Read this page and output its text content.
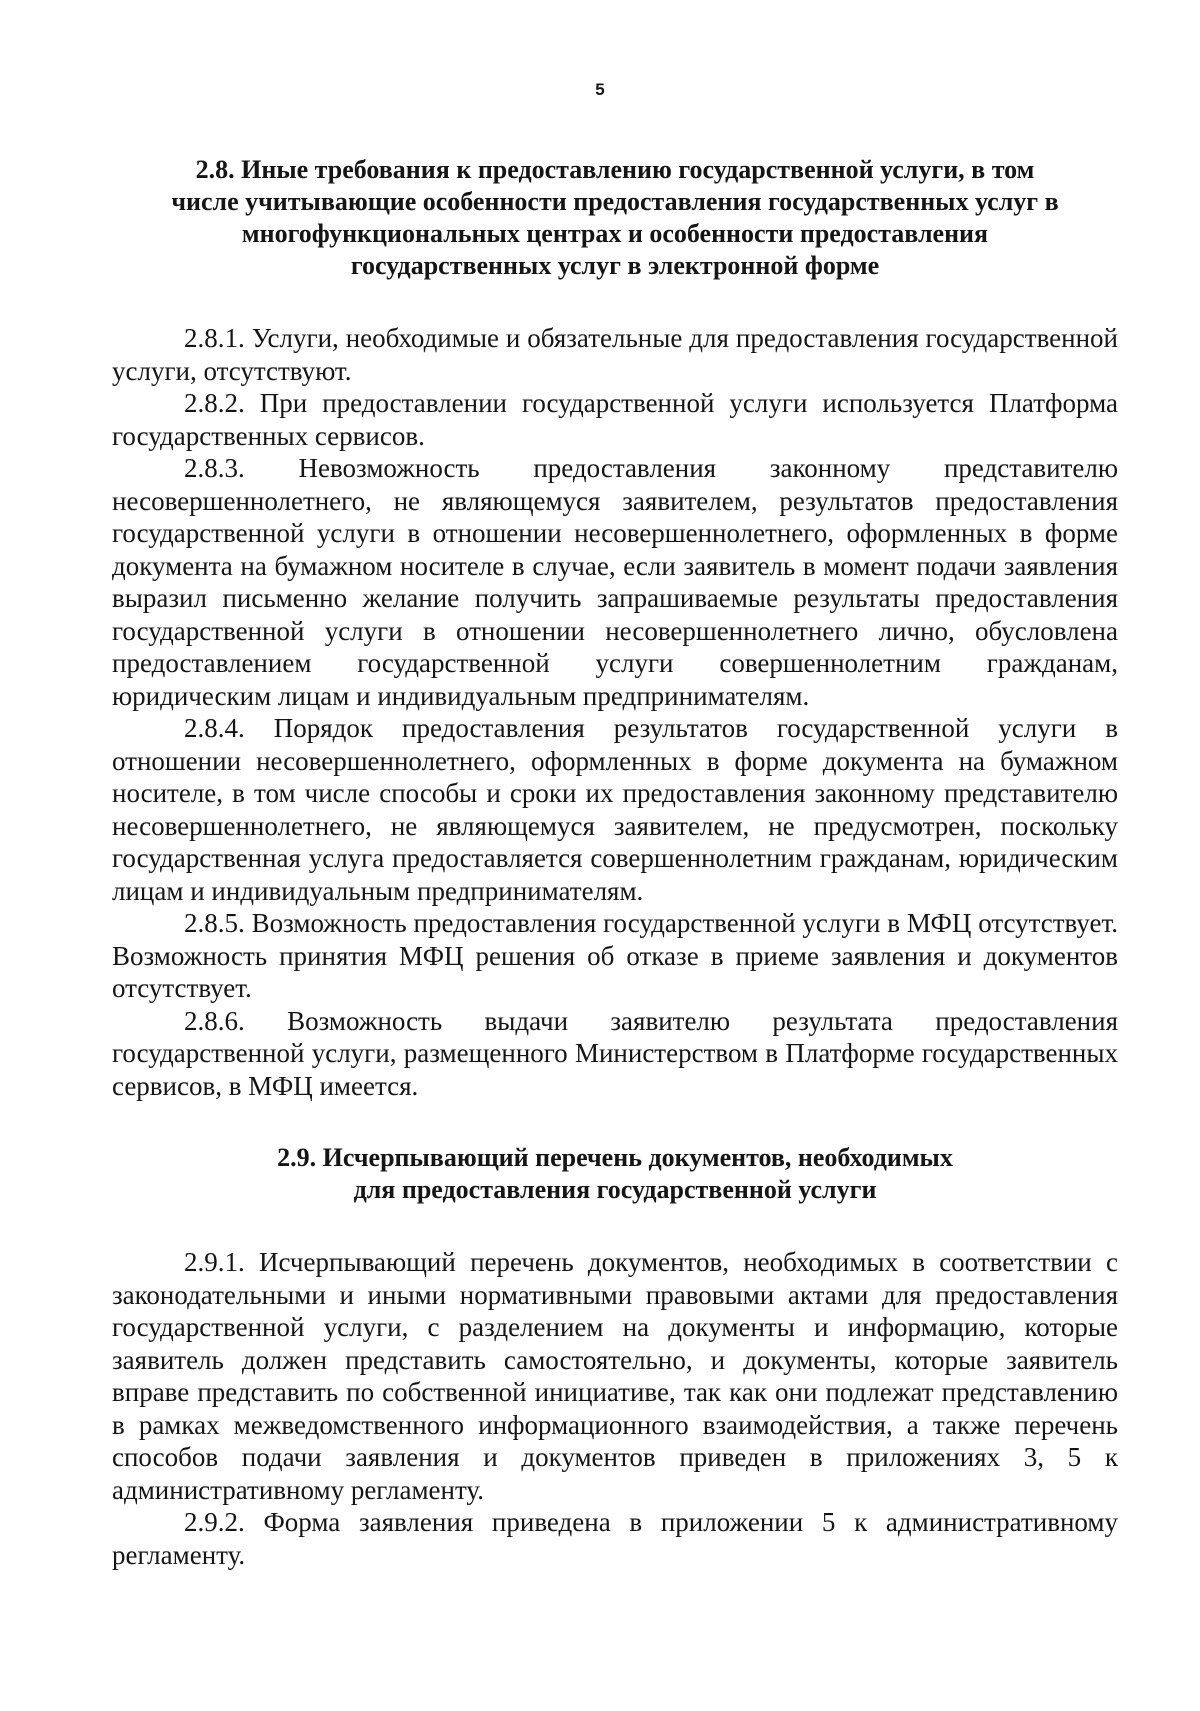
5
2.8. Иные требования к предоставлению государственной услуги, в том
числе учитывающие особенности предоставления государственных услуг в
многофункциональных центрах и особенности предоставления
государственных услуг в электронной форме

2.8.1. Услуги, необходимые и обязательные для предоставления государственной услуги, отсутствуют.

2.8.2. При предоставлении государственной услуги используется Платформа государственных сервисов.

2.8.3. Невозможность предоставления законному представителю несовершеннолетнего, не являющемуся заявителем, результатов предоставления государственной услуги в отношении несовершеннолетнего, оформленных в форме документа на бумажном носителе в случае, если заявитель в момент подачи заявления выразил письменно желание получить запрашиваемые результаты предоставления государственной услуги в отношении несовершеннолетнего лично, обусловлена предоставлением государственной услуги совершеннолетним гражданам, юридическим лицам и индивидуальным предпринимателям.

2.8.4. Порядок предоставления результатов государственной услуги в отношении несовершеннолетнего, оформленных в форме документа на бумажном носителе, в том числе способы и сроки их предоставления законному представителю несовершеннолетнего, не являющемуся заявителем, не предусмотрен, поскольку государственная услуга предоставляется совершеннолетним гражданам, юридическим лицам и индивидуальным предпринимателям.

2.8.5. Возможность предоставления государственной услуги в МФЦ отсутствует. Возможность принятия МФЦ решения об отказе в приеме заявления и документов отсутствует.

2.8.6. Возможность выдачи заявителю результата предоставления государственной услуги, размещенного Министерством в Платформе государственных сервисов, в МФЦ имеется.

2.9. Исчерпывающий перечень документов, необходимых
для предоставления государственной услуги

2.9.1. Исчерпывающий перечень документов, необходимых в соответствии с законодательными и иными нормативными правовыми актами для предоставления государственной услуги, с разделением на документы и информацию, которые заявитель должен представить самостоятельно, и документы, которые заявитель вправе представить по собственной инициативе, так как они подлежат представлению в рамках межведомственного информационного взаимодействия, а также перечень способов подачи заявления и документов приведен в приложениях 3, 5 к административному регламенту.

2.9.2. Форма заявления приведена в приложении 5 к административному регламенту.
